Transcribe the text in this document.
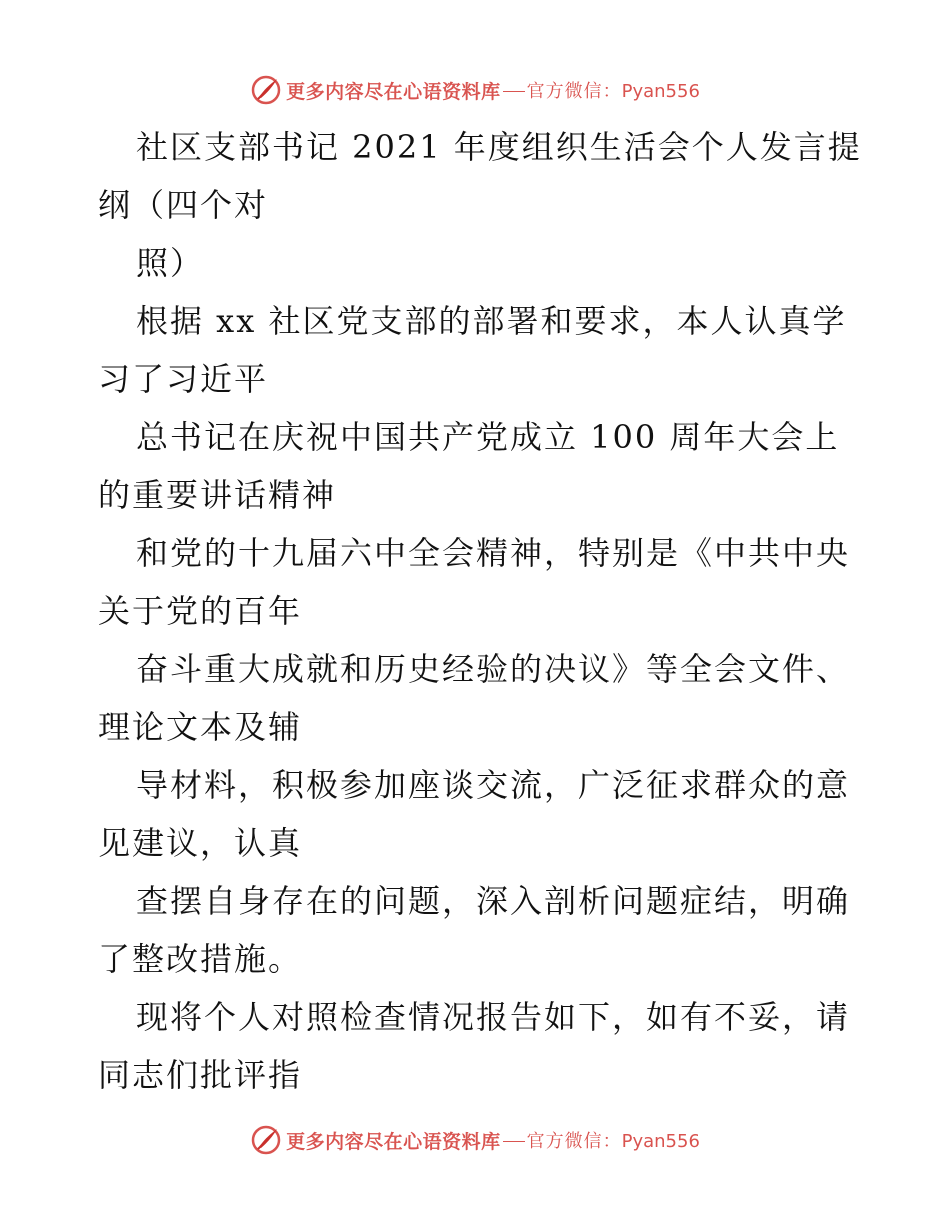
更多内容尽在心语资料库 官方微信：Pyan556

社区支部书记 2021 年度组织生活会个人发言提

纲（四个对

照）

根据 xx 社区党支部的部署和要求，本人认真学

习了习近平

总书记在庆祝中国共产党成立 100 周年大会上

的重要讲话精神

和党的十九届六中全会精神，特别是《中共中央

关于党的百年

奋斗重大成就和历史经验的决议》等全会文件、

理论文本及辅

导材料，积极参加座谈交流，广泛征求群众的意

见建议，认真

查摆自身存在的问题，深入剖析问题症结，明确

了整改措施。

现将个人对照检查情况报告如下，如有不妥，请

同志们批评指

更多内容尽在心语资料库 官方微信：Pyan556
